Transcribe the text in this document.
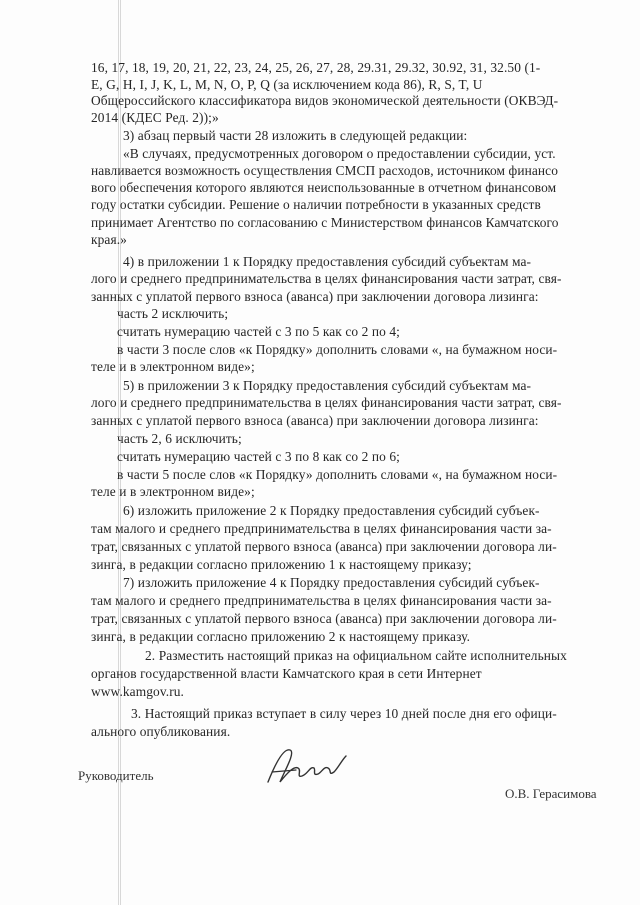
16, 17, 18, 19, 20, 21, 22, 23, 24, 25, 26, 27, 28, 29.31, 29.32, 30.92, 31, 32.50 (1-
E, G, H, I, J, K, L, M, N, O, P, Q (за исключением кода 86), R, S, T, U
Общероссийского классификатора видов экономической деятельности (ОКВЭД-
2014 (КДЕС Ред. 2));»
3) абзац первый части 28 изложить в следующей редакции:
«В случаях, предусмотренных договором о предоставлении субсидии, уст.
навливается возможность осуществления СМСП расходов, источником финансо
вого обеспечения которого являются неиспользованные в отчетном финансовом
году остатки субсидии. Решение о наличии потребности в указанных средств
принимает Агентство по согласованию с Министерством финансов Камчатского
края.»
4) в приложении 1 к Порядку предоставления субсидий субъектам ма-
лого и среднего предпринимательства в целях финансирования части затрат, свя-
занных с уплатой первого взноса (аванса) при заключении договора лизинга:
часть 2 исключить;
считать нумерацию частей с 3 по 5 как со 2 по 4;
в части 3 после слов «к Порядку» дополнить словами «, на бумажном носи-
теле и в электронном виде»;
5) в приложении 3 к Порядку предоставления субсидий субъектам ма-
лого и среднего предпринимательства в целях финансирования части затрат, свя-
занных с уплатой первого взноса (аванса) при заключении договора лизинга:
часть 2, 6 исключить;
считать нумерацию частей с 3 по 8 как со 2 по 6;
в части 5 после слов «к Порядку» дополнить словами «, на бумажном носи-
теле и в электронном виде»;
6) изложить приложение 2 к Порядку предоставления субсидий субъек-
там малого и среднего предпринимательства в целях финансирования части за-
трат, связанных с уплатой первого взноса (аванса) при заключении договора ли-
зинга, в редакции согласно приложению 1 к настоящему приказу;
7) изложить приложение 4 к Порядку предоставления субсидий субъек-
там малого и среднего предпринимательства в целях финансирования части за-
трат, связанных с уплатой первого взноса (аванса) при заключении договора ли-
зинга, в редакции согласно приложению 2 к настоящему приказу.
2. Разместить настоящий приказ на официальном сайте исполнительных
органов государственной власти Камчатского края в сети Интернет
www.kamgov.ru.
3. Настоящий приказ вступает в силу через 10 дней после дня его офици-
ального опубликования.
Руководитель
О.В. Герасимова
